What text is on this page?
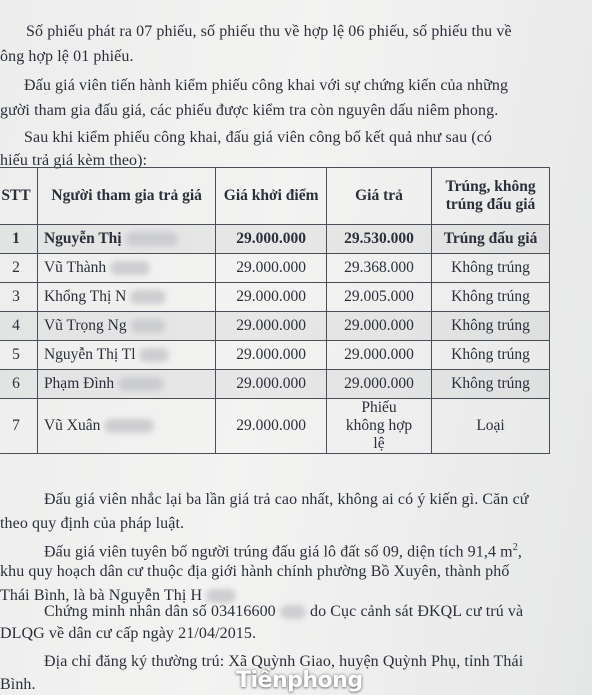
Số phiếu phát ra 07 phiếu, số phiếu thu về hợp lệ 06 phiếu, số phiếu thu về
ông hợp lệ 01 phiếu.
Đấu giá viên tiến hành kiểm phiếu công khai với sự chứng kiến của những
gười tham gia đấu giá, các phiếu được kiểm tra còn nguyên dấu niêm phong.
Sau khi kiểm phiếu công khai, đấu giá viên công bố kết quả như sau (có
hiếu trả giá kèm theo):
STT	Người tham gia trả giá	Giá khởi điểm	Giá trả	Trúng, không
trúng đấu giá

1	Nguyễn Thị	29.000.000	29.530.000	Trúng đấu giá
2	Vũ Thành	29.000.000	29.368.000	Không trúng
3	Khổng Thị N	29.000.000	29.005.000	Không trúng
4	Vũ Trọng Ng	29.000.000	29.000.000	Không trúng
5	Nguyễn Thị Tl	29.000.000	29.000.000	Không trúng
6	Phạm Đình	29.000.000	29.000.000	Không trúng
7	Vũ Xuân	29.000.000	Phiếu
không hợp
lệ	Loại
Đấu giá viên nhắc lại ba lần giá trả cao nhất, không ai có ý kiến gì. Căn cứ
theo quy định của pháp luật.
Đấu giá viên tuyên bố người trúng đấu giá lô đất số 09, diện tích 91,4 $m^2$,
khu quy hoạch dân cư thuộc địa giới hành chính phường Bồ Xuyên, thành phố
Thái Bình, là bà Nguyễn Thị H
Chứng minh nhân dân số 03416600 do Cục cảnh sát ĐKQL cư trú và
DLQG về dân cư cấp ngày 21/04/2015.
Địa chỉ đăng ký thường trú: Xã Quỳnh Giao, huyện Quỳnh Phụ, tỉnh Thái
Bình.	Tiềnphong
